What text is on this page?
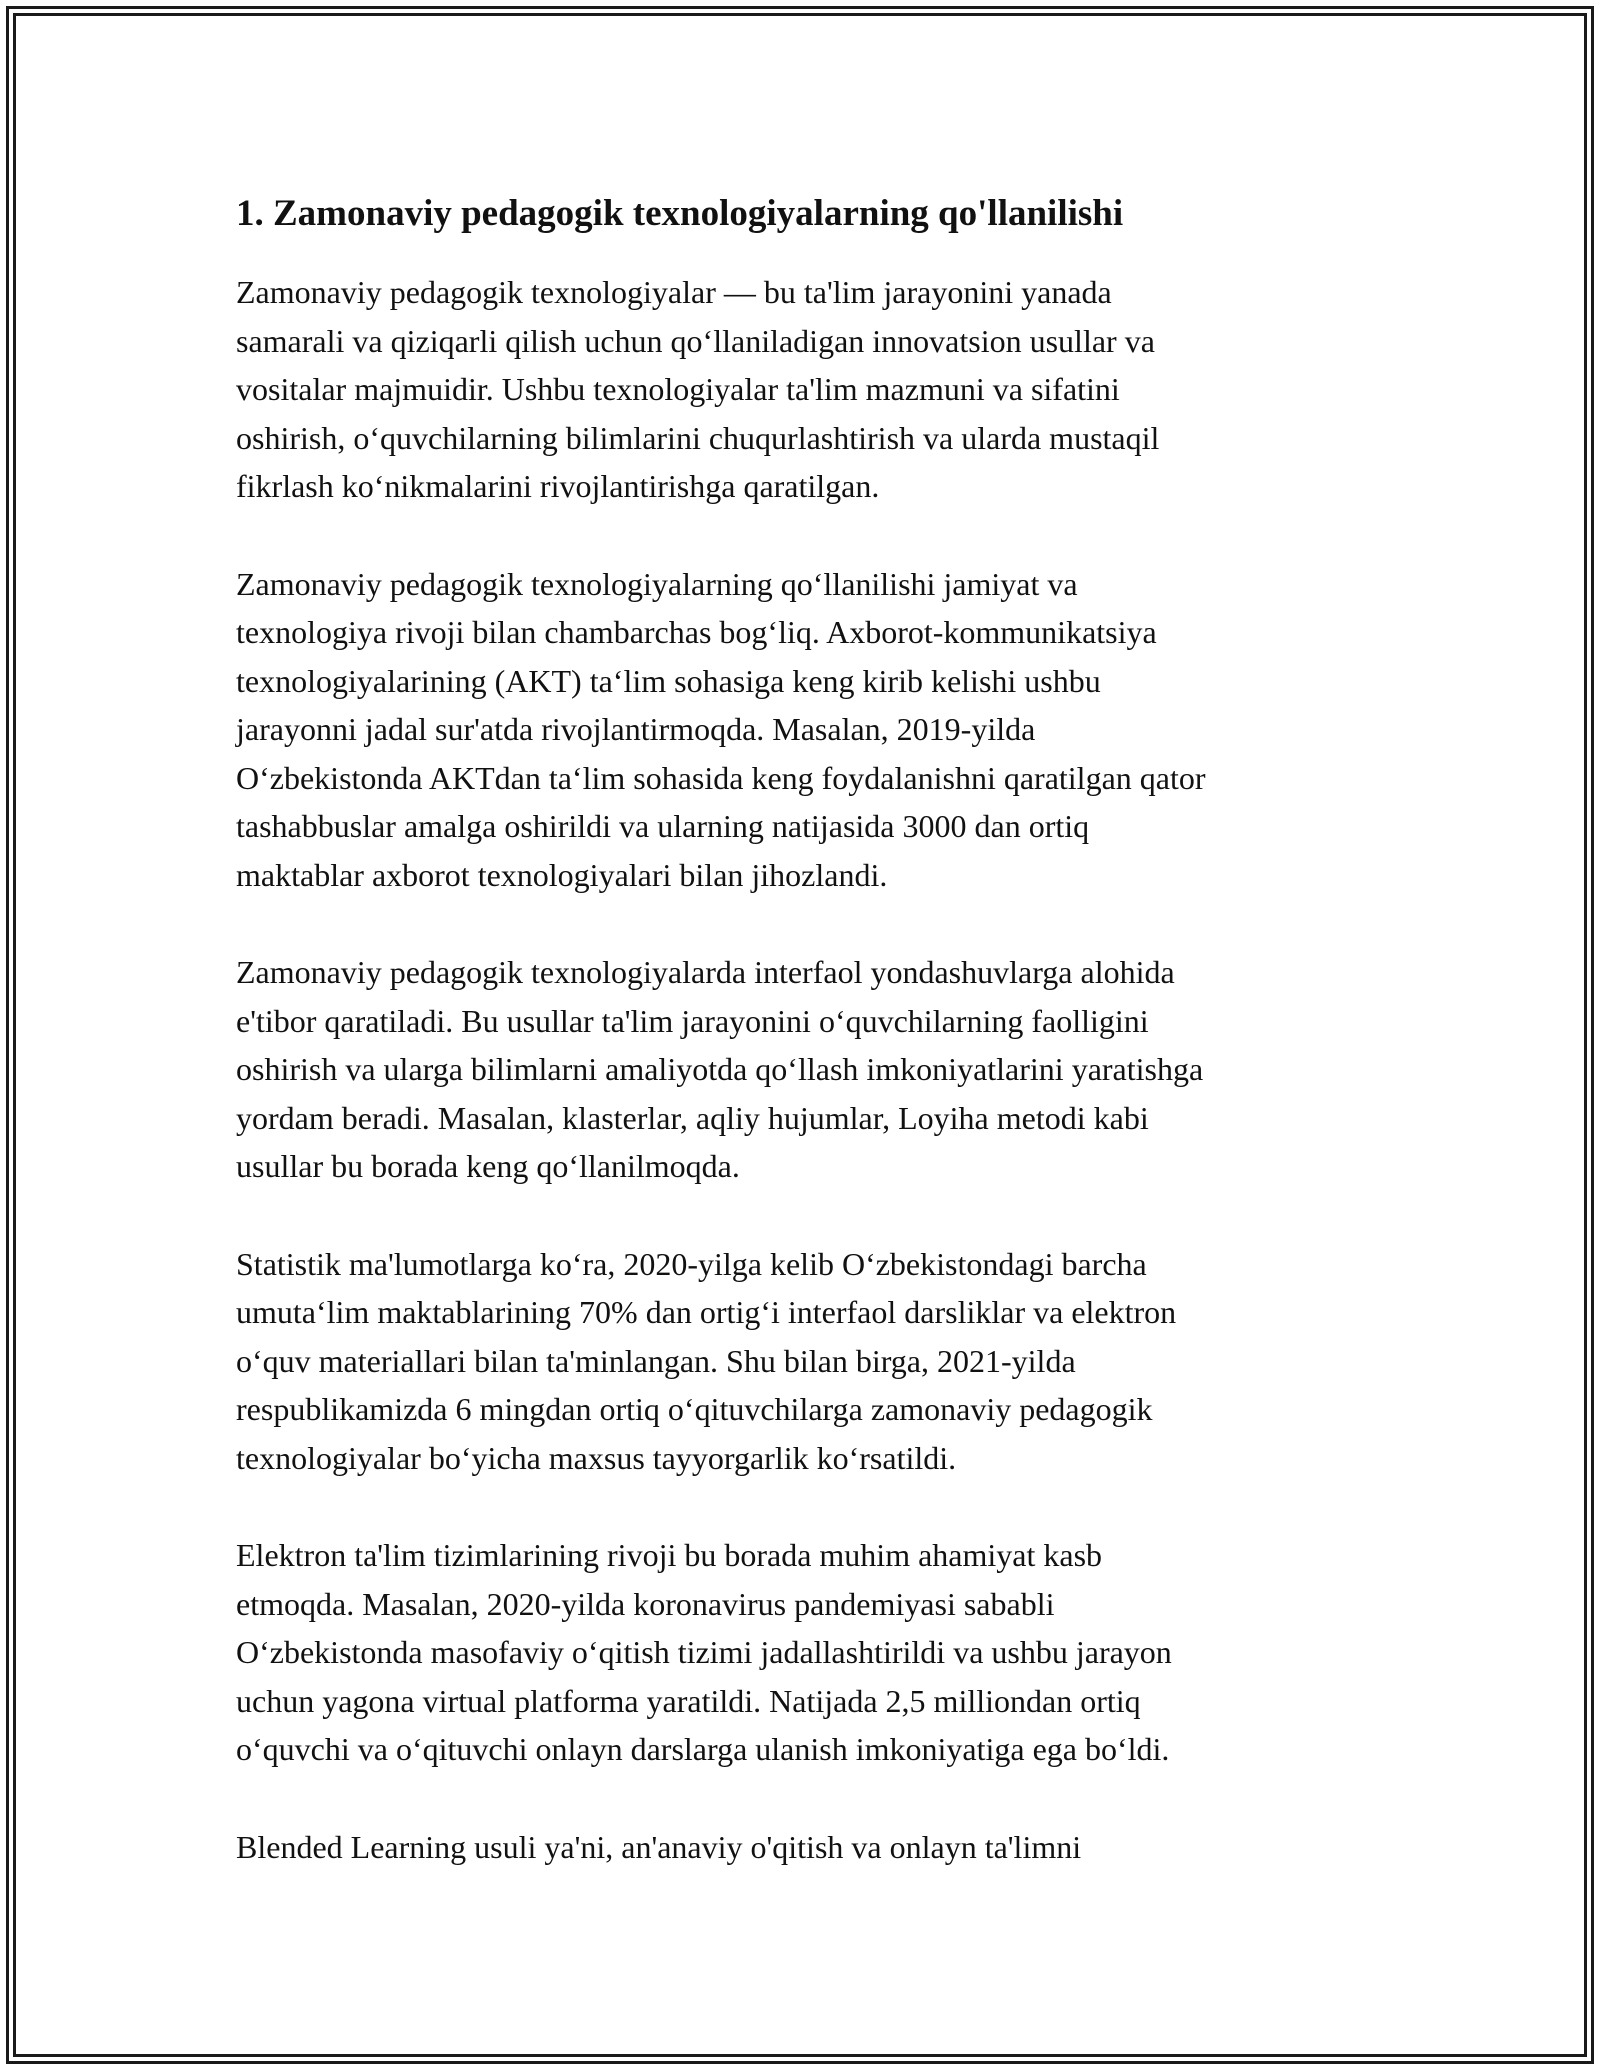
1. Zamonaviy pedagogik texnologiyalarning qo'llanilishi

Zamonaviy pedagogik texnologiyalar — bu ta'lim jarayonini yanada
samarali va qiziqarli qilish uchun qo‘llaniladigan innovatsion usullar va
vositalar majmuidir. Ushbu texnologiyalar ta'lim mazmuni va sifatini
oshirish, o‘quvchilarning bilimlarini chuqurlashtirish va ularda mustaqil
fikrlash ko‘nikmalarini rivojlantirishga qaratilgan.

Zamonaviy pedagogik texnologiyalarning qo‘llanilishi jamiyat va
texnologiya rivoji bilan chambarchas bog‘liq. Axborot-kommunikatsiya
texnologiyalarining (AKT) ta‘lim sohasiga keng kirib kelishi ushbu
jarayonni jadal sur'atda rivojlantirmoqda. Masalan, 2019-yilda
O‘zbekistonda AKTdan ta‘lim sohasida keng foydalanishni qaratilgan qator
tashabbuslar amalga oshirildi va ularning natijasida 3000 dan ortiq
maktablar axborot texnologiyalari bilan jihozlandi.

Zamonaviy pedagogik texnologiyalarda interfaol yondashuvlarga alohida
e'tibor qaratiladi. Bu usullar ta'lim jarayonini o‘quvchilarning faolligini
oshirish va ularga bilimlarni amaliyotda qo‘llash imkoniyatlarini yaratishga
yordam beradi. Masalan, klasterlar, aqliy hujumlar, Loyiha metodi kabi
usullar bu borada keng qo‘llanilmoqda.

Statistik ma'lumotlarga ko‘ra, 2020-yilga kelib O‘zbekistondagi barcha
umuta‘lim maktablarining 70% dan ortig‘i interfaol darsliklar va elektron
o‘quv materiallari bilan ta'minlangan. Shu bilan birga, 2021-yilda
respublikamizda 6 mingdan ortiq o‘qituvchilarga zamonaviy pedagogik
texnologiyalar bo‘yicha maxsus tayyorgarlik ko‘rsatildi.

Elektron ta'lim tizimlarining rivoji bu borada muhim ahamiyat kasb
etmoqda. Masalan, 2020-yilda koronavirus pandemiyasi sababli
O‘zbekistonda masofaviy o‘qitish tizimi jadallashtirildi va ushbu jarayon
uchun yagona virtual platforma yaratildi. Natijada 2,5 milliondan ortiq
o‘quvchi va o‘qituvchi onlayn darslarga ulanish imkoniyatiga ega bo‘ldi.

Blended Learning usuli ya'ni, an'anaviy o'qitish va onlayn ta'limni
